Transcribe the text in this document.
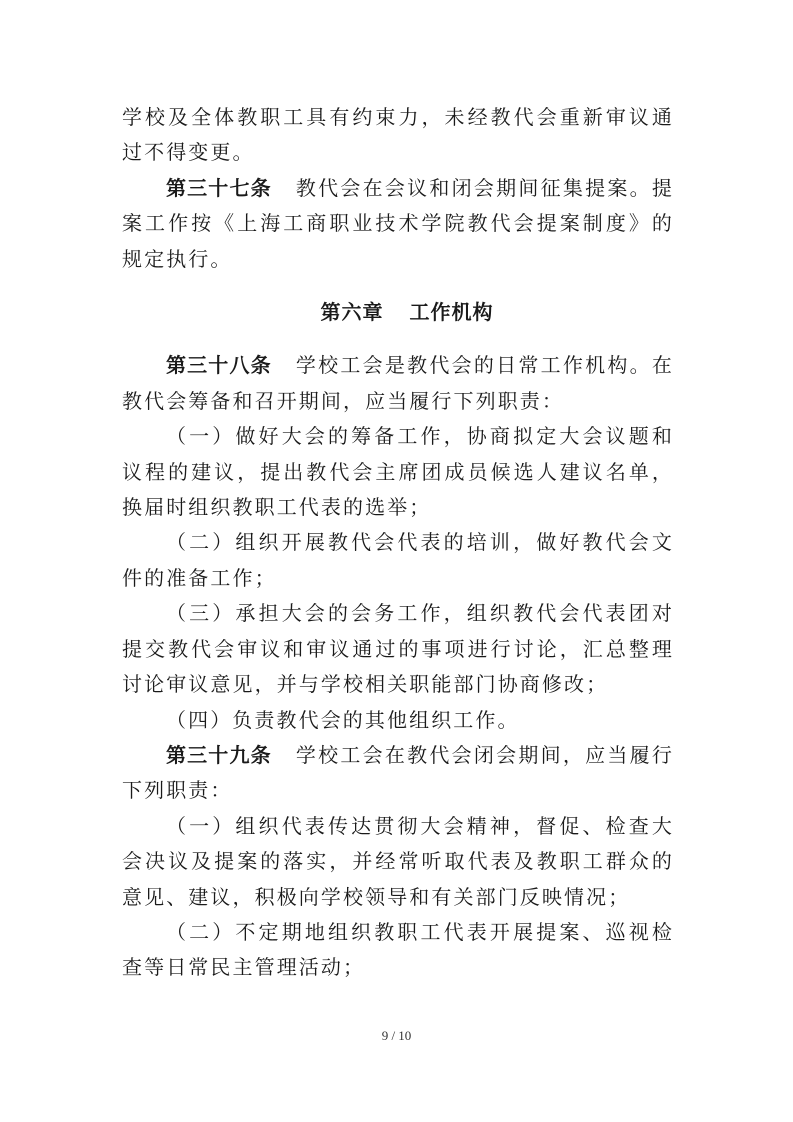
学校及全体教职工具有约束力，未经教代会重新审议通过不得变更。

第三十七条 教代会在会议和闭会期间征集提案。提案工作按《上海工商职业技术学院教代会提案制度》的规定执行。

第六章 工作机构

第三十八条 学校工会是教代会的日常工作机构。在教代会筹备和召开期间，应当履行下列职责：

（一）做好大会的筹备工作，协商拟定大会议题和议程的建议，提出教代会主席团成员候选人建议名单，换届时组织教职工代表的选举；

（二）组织开展教代会代表的培训，做好教代会文件的准备工作；

（三）承担大会的会务工作，组织教代会代表团对提交教代会审议和审议通过的事项进行讨论，汇总整理讨论审议意见，并与学校相关职能部门协商修改；

（四）负责教代会的其他组织工作。

第三十九条 学校工会在教代会闭会期间，应当履行下列职责：

（一）组织代表传达贯彻大会精神，督促、检查大会决议及提案的落实，并经常听取代表及教职工群众的意见、建议，积极向学校领导和有关部门反映情况；

（二）不定期地组织教职工代表开展提案、巡视检查等日常民主管理活动；

9 / 10
